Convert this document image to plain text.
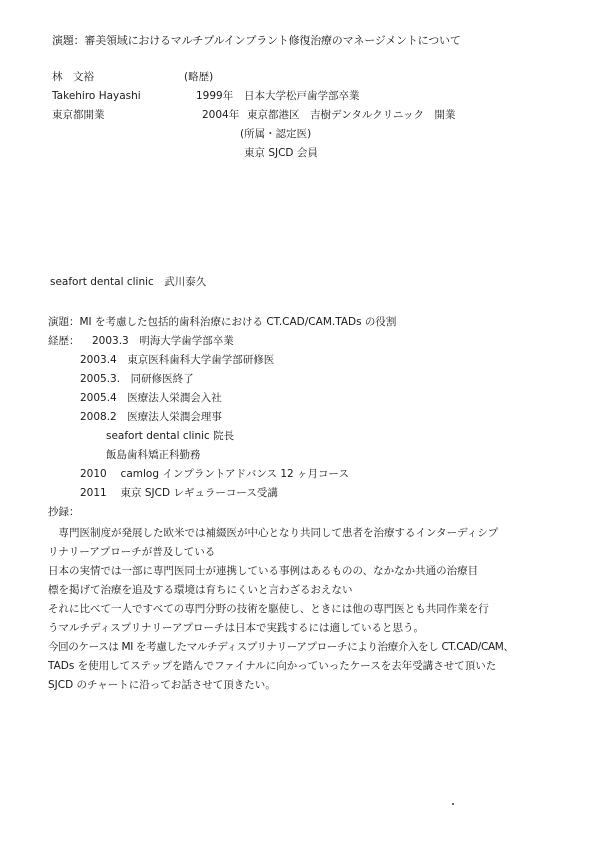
演題：審美領域におけるマルチプルインプラント修復治療のマネージメントについて
林　文裕	(略歴)
Takehiro Hayashi	1999年 日本大学松戸歯学部卒業
東京都開業	2004年 東京都港区　吉樹デンタルクリニック　開業
(所属・認定医)
東京 SJCD 会員
seafort dental clinic　武川泰久
演題：MI を考慮した包括的歯科治療における CT.CAD/CAM.TADs の役割
経歴： 2003.3　明海大学歯学部卒業
2003.4　東京医科歯科大学歯学部研修医
2005.3.　同研修医終了
2005.4　医療法人栄潤会入社
2008.2　医療法人栄潤会理事
seafort dental clinic 院長
飯島歯科矯正科勤務
2010　 camlog インプラントアドバンス 12 ヶ月コース
2011　 東京 SJCD レギュラーコース受講
抄録：
　専門医制度が発展した欧米では補綴医が中心となり共同して患者を治療するインターディシプ
リナリーアプローチが普及している
日本の実情では一部に専門医同士が連携している事例はあるものの、なかなか共通の治療目
標を掲げて治療を追及する環境は育ちにくいと言わざるおえない
それに比べて一人ですべての専門分野の技術を駆使し、ときには他の専門医とも共同作業を行
うマルチディスプリナリーアプローチは日本で実践するには適していると思う。
今回のケースは MI を考慮したマルチディスプリナリーアプローチにより治療介入をし CT.CAD/CAM、
TADs を使用してステップを踏んでファイナルに向かっていったケースを去年受講させて頂いた
SJCD のチャートに沿ってお話させて頂きたい。
